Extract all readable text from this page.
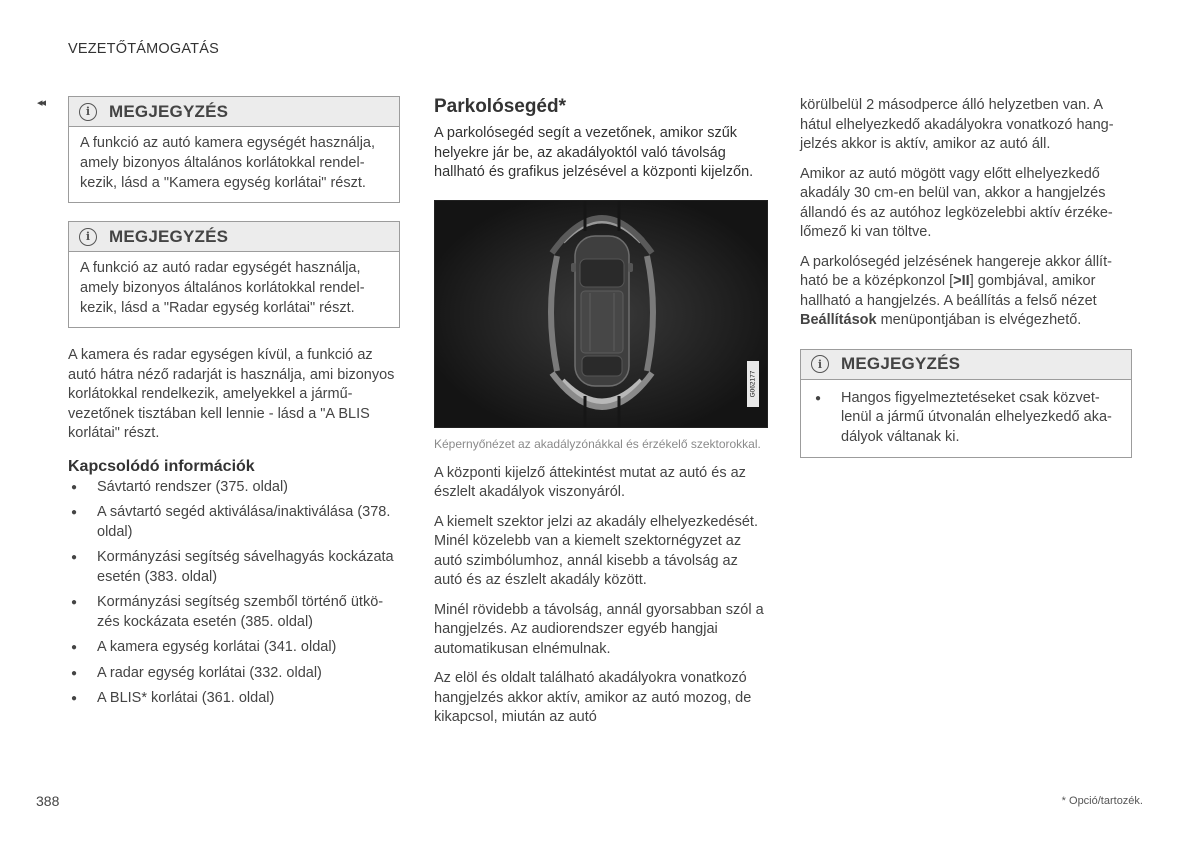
VEZETŐTÁMOGATÁS
◂◂
i	MEGJEGYZÉS
A funkció az autó kamera egységét használja, amely bizonyos általános korlátokkal rendelkezik, lásd a "Kamera egység korlátai" részt.
i	MEGJEGYZÉS
A funkció az autó radar egységét használja, amely bizonyos általános korlátokkal rendelkezik, lásd a "Radar egység korlátai" részt.

A kamera és radar egységen kívül, a funkció az autó hátra néző radarját is használja, ami bizonyos korlátokkal rendelkezik, amelyekkel a járművezetőnek tisztában kell lennie - lásd a "A BLIS korlátai" részt.

Kapcsolódó információk
● Sávtartó rendszer (375. oldal)
● A sávtartó segéd aktiválása/inaktiválása (378. oldal)
● Kormányzási segítség sávelhagyás kockázata esetén (383. oldal)
● Kormányzási segítség szemből történő ütközés kockázata esetén (385. oldal)
● A kamera egység korlátai (341. oldal)
● A radar egység korlátai (332. oldal)
● A BLIS* korlátai (361. oldal)
Parkolósegéd*
A parkolósegéd segít a vezetőnek, amikor szűk helyekre jár be, az akadályoktól való távolság hallható és grafikus jelzésével a központi kijelzőn.
G062177
Képernyőnézet az akadályzónákkal és érzékelő szektorokkal.

A központi kijelző áttekintést mutat az autó és az észlelt akadályok viszonyáról.

A kiemelt szektor jelzi az akadály elhelyezkedését. Minél közelebb van a kiemelt szektornégyzet az autó szimbólumhoz, annál kisebb a távolság az autó és az észlelt akadály között.

Minél rövidebb a távolság, annál gyorsabban szól a hangjelzés. Az audiorendszer egyéb hangjai automatikusan elnémulnak.

Az elöl és oldalt található akadályokra vonatkozó hangjelzés akkor aktív, amikor az autó mozog, de kikapcsol, miután az autó

körülbelül 2 másodperce álló helyzetben van. A hátul elhelyezkedő akadályokra vonatkozó hangjelzés akkor is aktív, amikor az autó áll.

Amikor az autó mögött vagy előtt elhelyezkedő akadály 30 cm-en belül van, akkor a hangjelzés állandó és az autóhoz legközelebbi aktív érzékelőmező ki van töltve.

A parkolósegéd jelzésének hangereje akkor állítható be a középkonzol [>II] gombjával, amikor hallható a hangjelzés. A beállítás a felső nézet Beállítások menüpontjában is elvégezhető.

i	MEGJEGYZÉS
● Hangos figyelmeztetéseket csak közvetlenül a jármű útvonalán elhelyezkedő akadályok váltanak ki.
388	* Opció/tartozék.
